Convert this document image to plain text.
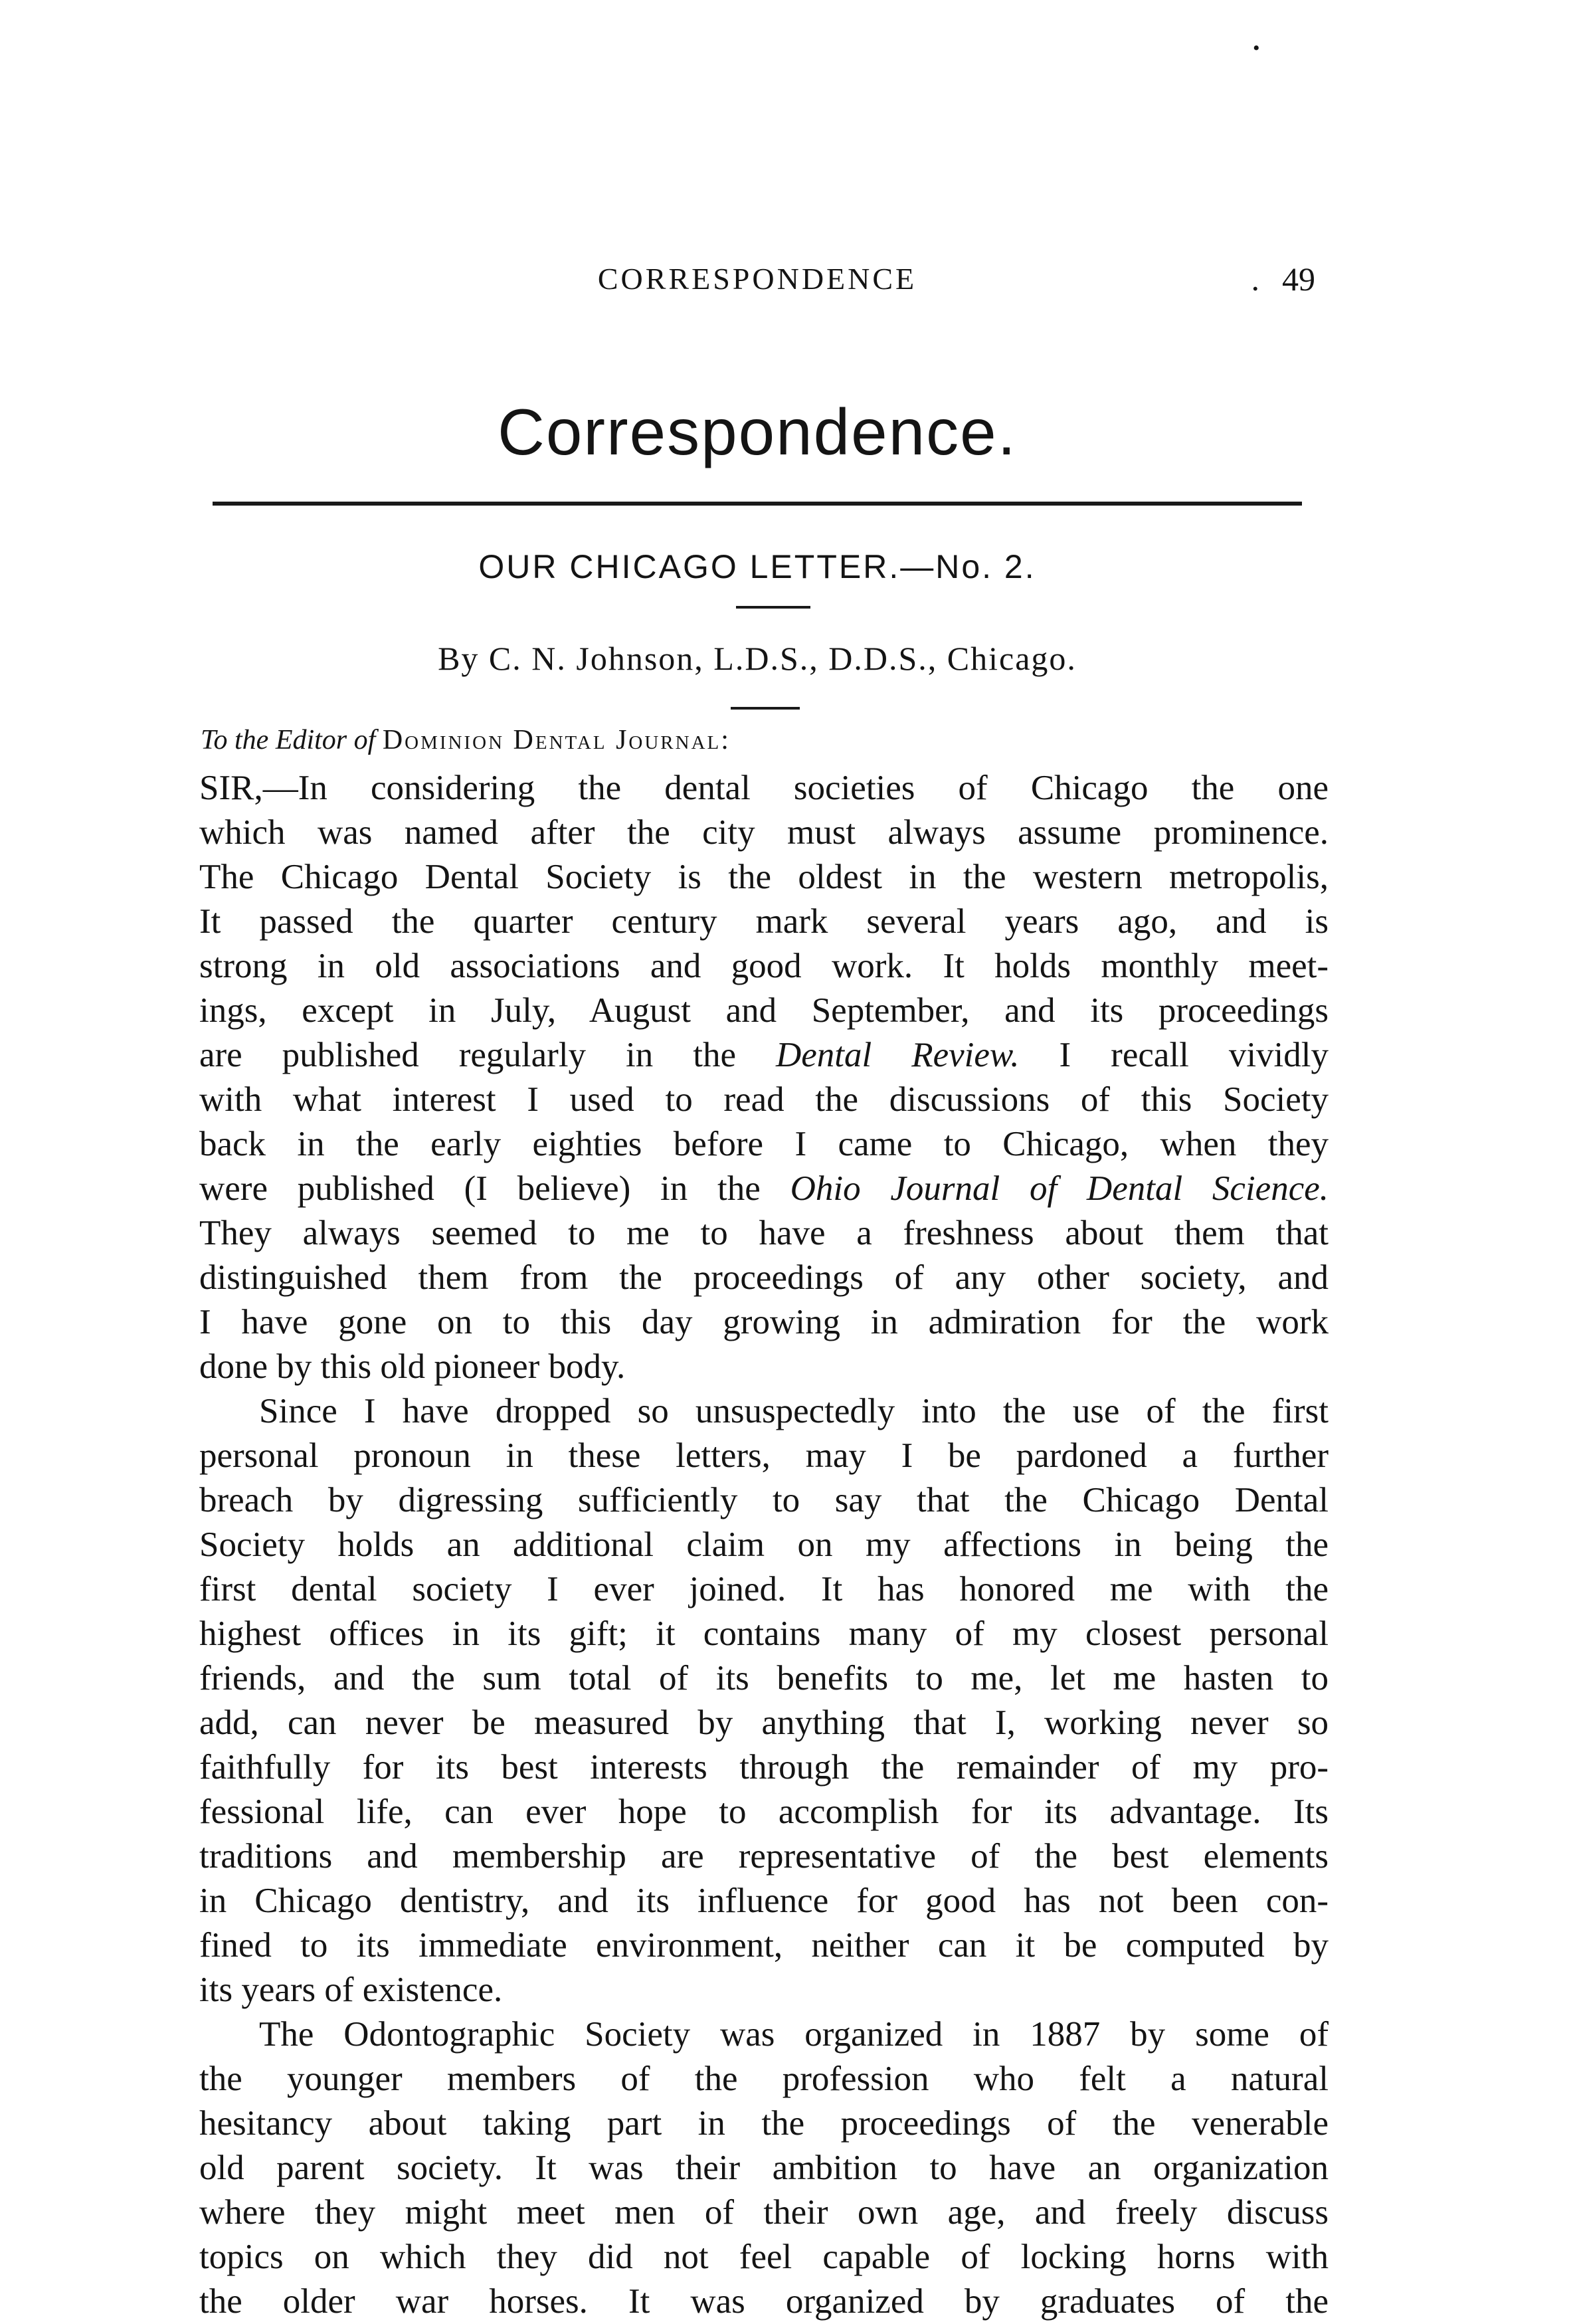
•
CORRESPONDENCE	. 49
Correspondence.
OUR CHICAGO LETTER.—No. 2.
By C. N. Johnson, L.D.S., D.D.S., Chicago.
To the Editor of Dominion Dental Journal:
SIR,—In considering the dental societies of Chicago the one
which was named after the city must always assume prominence.
The Chicago Dental Society is the oldest in the western metropolis,
It passed the quarter century mark several years ago, and is
strong in old associations and good work. It holds monthly meet-
ings, except in July, August and September, and its proceedings
are published regularly in the Dental Review. I recall vividly
with what interest I used to read the discussions of this Society
back in the early eighties before I came to Chicago, when they
were published (I believe) in the Ohio Journal of Dental Science.
They always seemed to me to have a freshness about them that
distinguished them from the proceedings of any other society, and
I have gone on to this day growing in admiration for the work
done by this old pioneer body.
Since I have dropped so unsuspectedly into the use of the first
personal pronoun in these letters, may I be pardoned a further
breach by digressing sufficiently to say that the Chicago Dental
Society holds an additional claim on my affections in being the
first dental society I ever joined. It has honored me with the
highest offices in its gift; it contains many of my closest personal
friends, and the sum total of its benefits to me, let me hasten to
add, can never be measured by anything that I, working never so
faithfully for its best interests through the remainder of my pro-
fessional life, can ever hope to accomplish for its advantage. Its
traditions and membership are representative of the best elements
in Chicago dentistry, and its influence for good has not been con-
fined to its immediate environment, neither can it be computed by
its years of existence.
The Odontographic Society was organized in 1887 by some of
the younger members of the profession who felt a natural
hesitancy about taking part in the proceedings of the venerable
old parent society. It was their ambition to have an organization
where they might meet men of their own age, and freely discuss
topics on which they did not feel capable of locking horns with
the older war horses. It was organized by graduates of the
